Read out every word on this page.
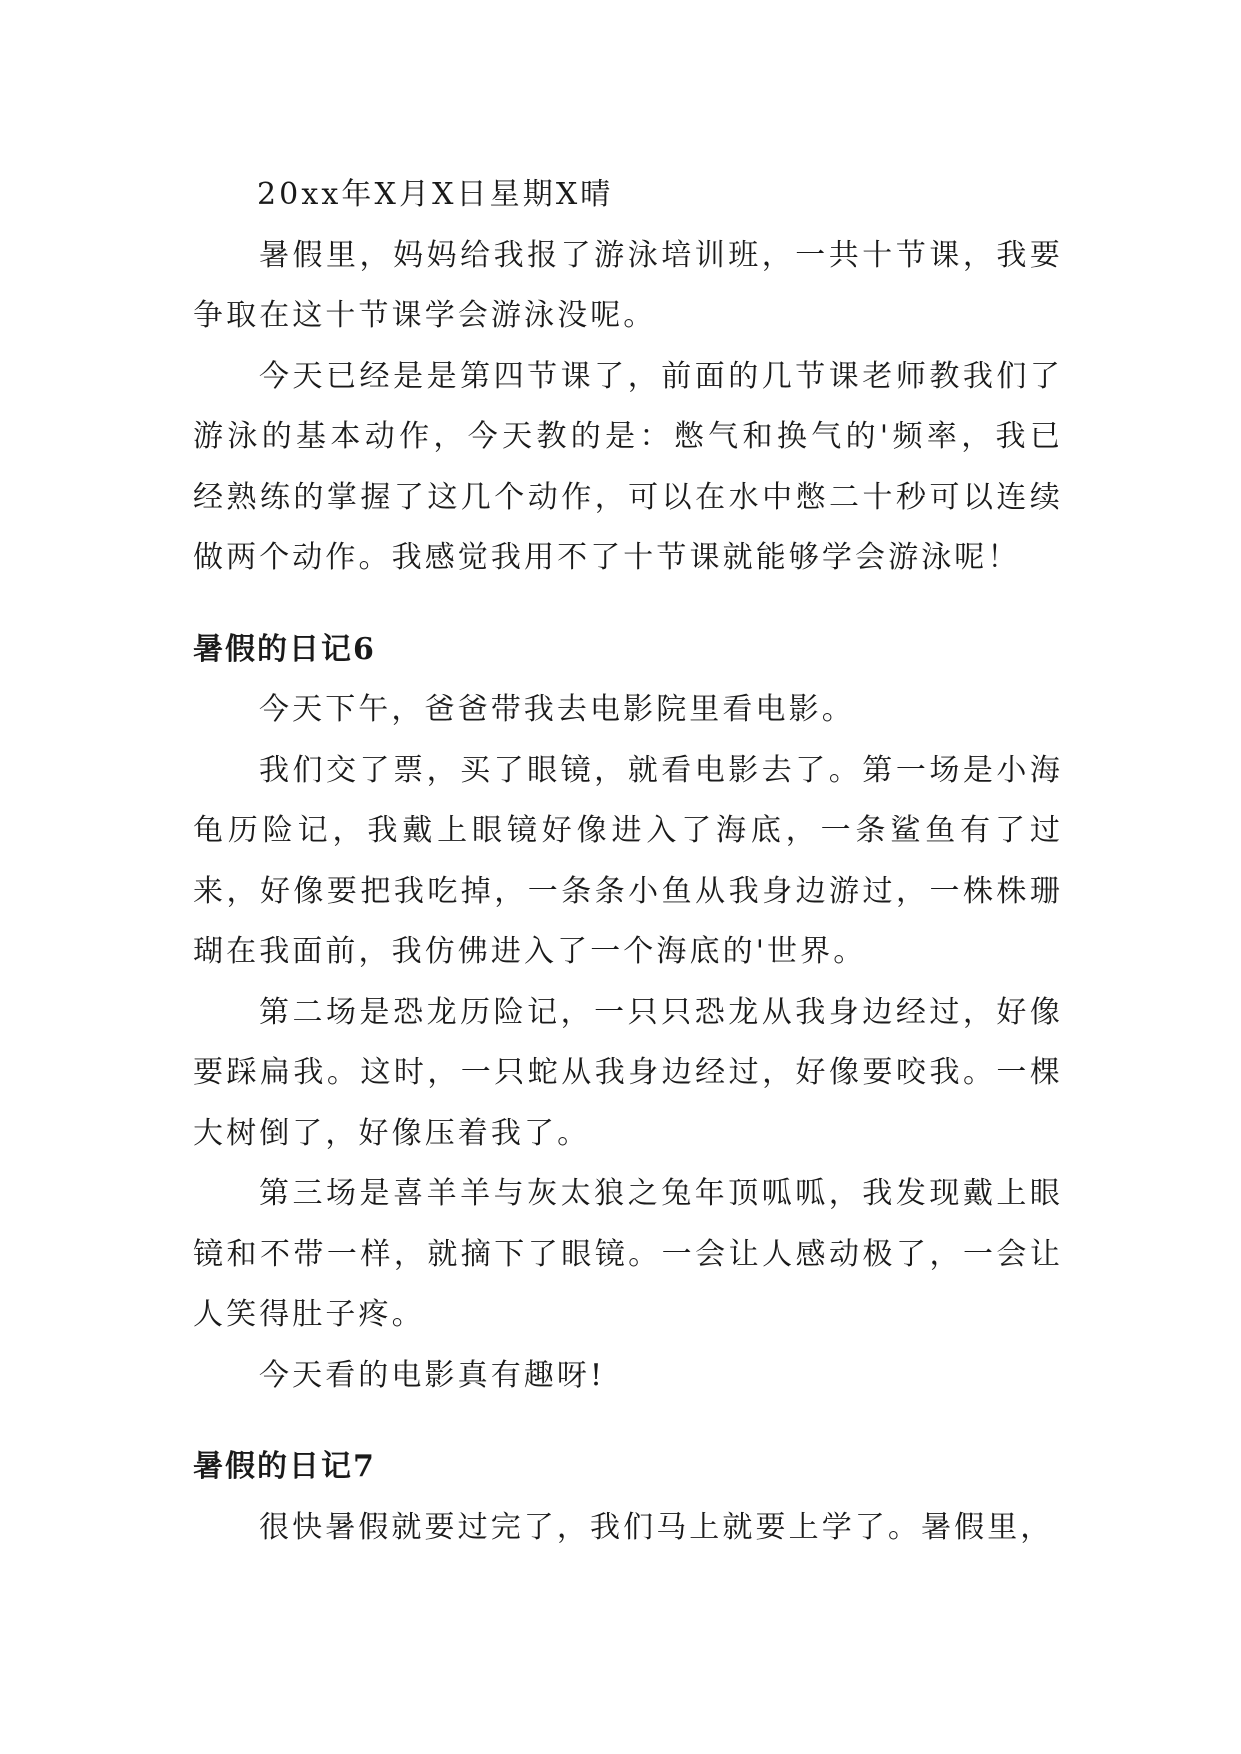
20xx年X月X日星期X晴

暑假里，妈妈给我报了游泳培训班，一共十节课，我要争取在这十节课学会游泳没呢。

今天已经是是第四节课了，前面的几节课老师教我们了游泳的基本动作，今天教的是：憋气和换气的'频率，我已经熟练的掌握了这几个动作，可以在水中憋二十秒可以连续做两个动作。我感觉我用不了十节课就能够学会游泳呢！

暑假的日记6

今天下午，爸爸带我去电影院里看电影。

我们交了票，买了眼镜，就看电影去了。第一场是小海龟历险记，我戴上眼镜好像进入了海底，一条鲨鱼有了过来，好像要把我吃掉，一条条小鱼从我身边游过，一株株珊瑚在我面前，我仿佛进入了一个海底的'世界。

第二场是恐龙历险记，一只只恐龙从我身边经过，好像要踩扁我。这时，一只蛇从我身边经过，好像要咬我。一棵大树倒了，好像压着我了。

第三场是喜羊羊与灰太狼之兔年顶呱呱，我发现戴上眼镜和不带一样，就摘下了眼镜。一会让人感动极了，一会让人笑得肚子疼。

今天看的电影真有趣呀!

暑假的日记7

很快暑假就要过完了，我们马上就要上学了。暑假里，
